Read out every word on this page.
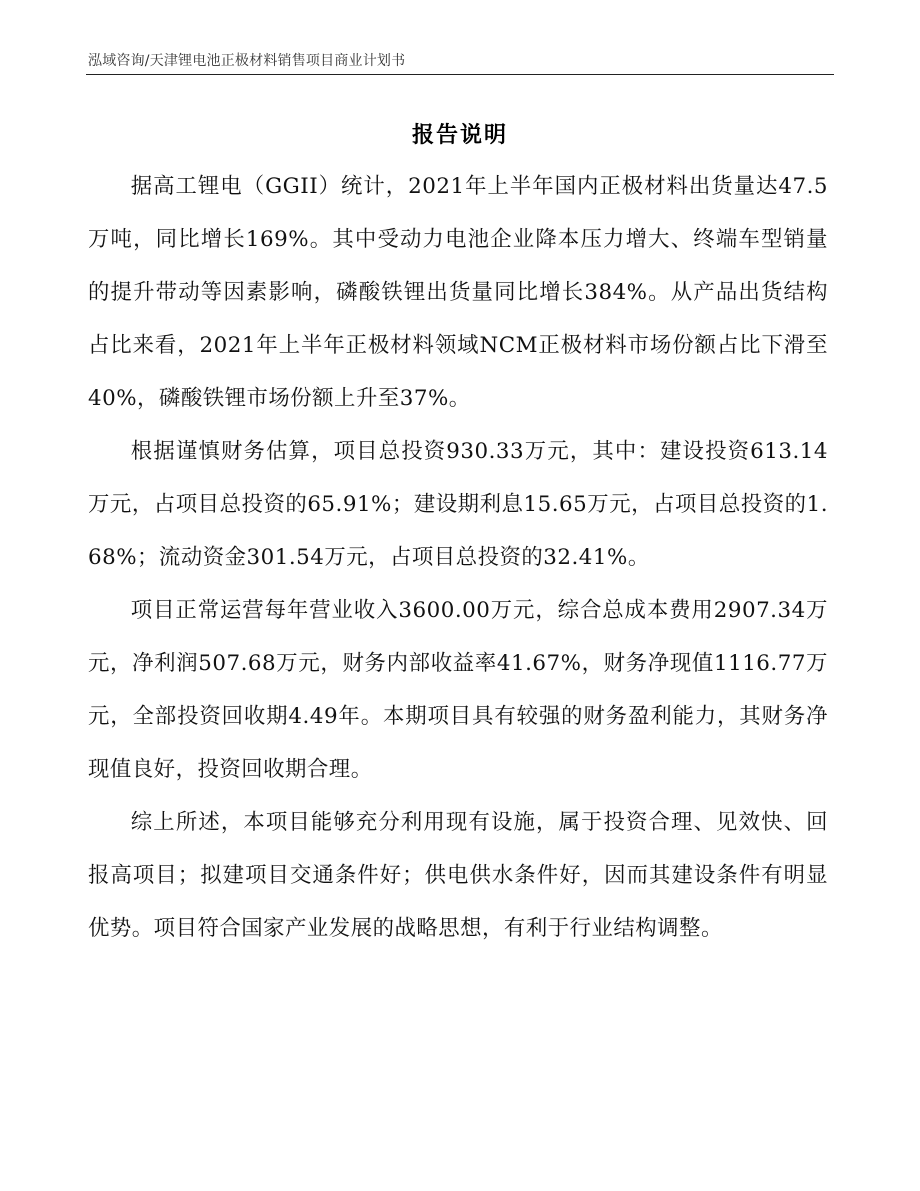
泓域咨询/天津锂电池正极材料销售项目商业计划书
报告说明

据高工锂电（GGII）统计，2021年上半年国内正极材料出货量达47.5万吨，同比增长169%。其中受动力电池企业降本压力增大、终端车型销量的提升带动等因素影响，磷酸铁锂出货量同比增长384%。从产品出货结构占比来看，2021年上半年正极材料领域NCM正极材料市场份额占比下滑至40%，磷酸铁锂市场份额上升至37%。

根据谨慎财务估算，项目总投资930.33万元，其中：建设投资613.14万元，占项目总投资的65.91%；建设期利息15.65万元，占项目总投资的1.68%；流动资金301.54万元，占项目总投资的32.41%。

项目正常运营每年营业收入3600.00万元，综合总成本费用2907.34万元，净利润507.68万元，财务内部收益率41.67%，财务净现值1116.77万元，全部投资回收期4.49年。本期项目具有较强的财务盈利能力，其财务净现值良好，投资回收期合理。

综上所述，本项目能够充分利用现有设施，属于投资合理、见效快、回报高项目；拟建项目交通条件好；供电供水条件好，因而其建设条件有明显优势。项目符合国家产业发展的战略思想，有利于行业结构调整。
